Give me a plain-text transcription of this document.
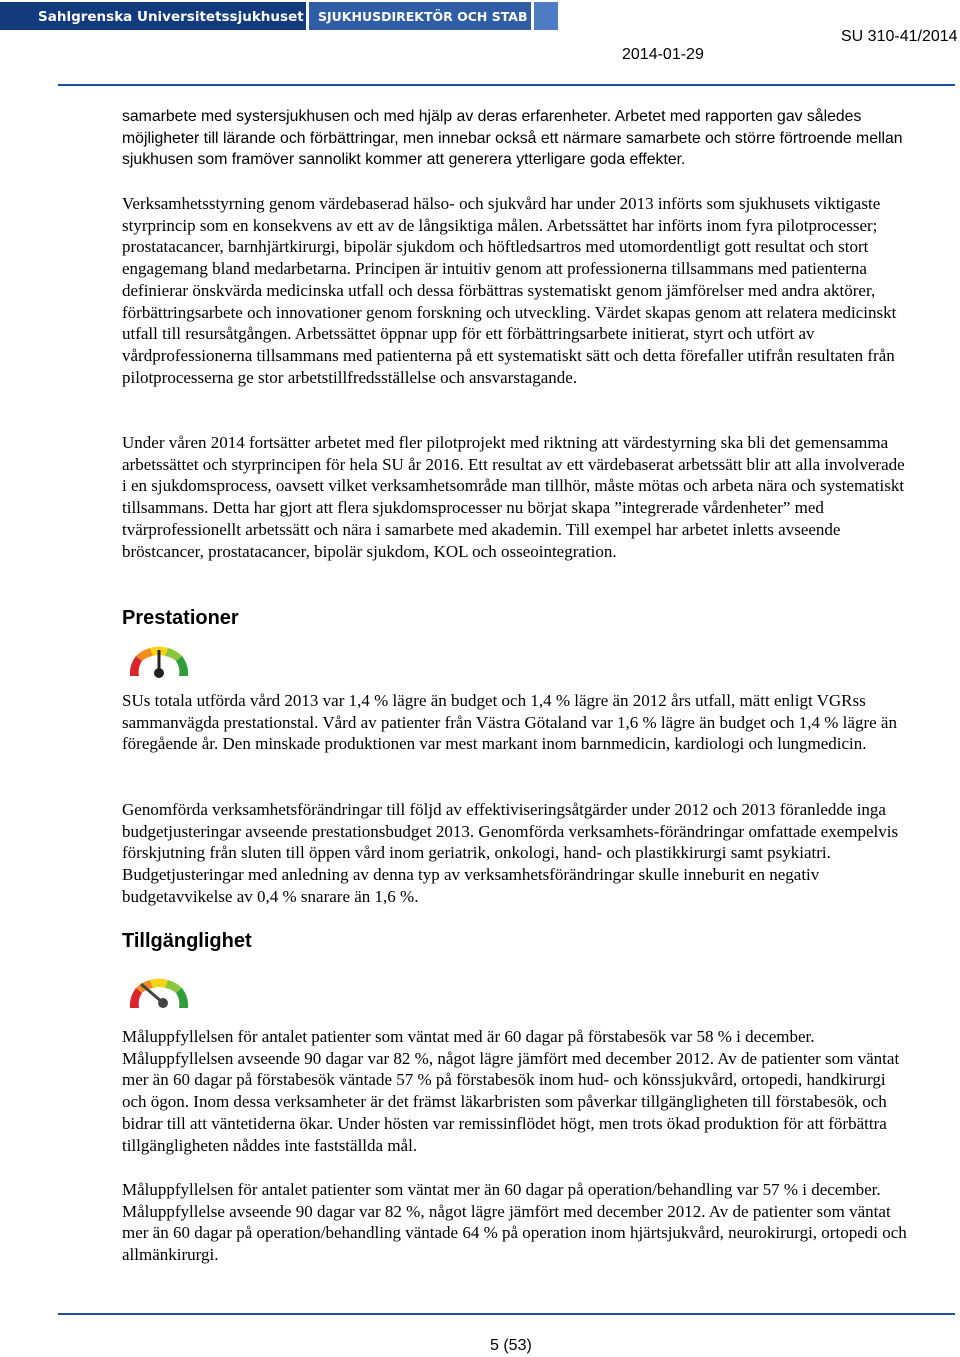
Sahlgrenska Universitetssjukhuset SJUKHUSDIREKTÖR OCH STAB
SU 310-41/2014
2014-01-29

samarbete med systersjukhusen och med hjälp av deras erfarenheter. Arbetet med rapporten gav således möjligheter till lärande och förbättringar, men innebar också ett närmare samarbete och större förtroende mellan sjukhusen som framöver sannolikt kommer att generera ytterligare goda effekter.

Verksamhetsstyrning genom värdebaserad hälso- och sjukvård har under 2013 införts som sjukhusets viktigaste styrprincip som en konsekvens av ett av de långsiktiga målen. Arbetssättet har införts inom fyra pilotprocesser; prostatacancer, barnhjärtkirurgi, bipolär sjukdom och höftledsartros med utomordentligt gott resultat och stort engagemang bland medarbetarna. Principen är intuitiv genom att professionerna tillsammans med patienterna definierar önskvärda medicinska utfall och dessa förbättras systematiskt genom jämförelser med andra aktörer, förbättringsarbete och innovationer genom forskning och utveckling. Värdet skapas genom att relatera medicinskt utfall till resursåtgången. Arbetssättet öppnar upp för ett förbättringsarbete initierat, styrt och utfört av vårdprofessionerna tillsammans med patienterna på ett systematiskt sätt och detta förefaller utifrån resultaten från pilotprocesserna ge stor arbetstillfredsställelse och ansvarstagande.

Under våren 2014 fortsätter arbetet med fler pilotprojekt med riktning att värdestyrning ska bli det gemensamma arbetssättet och styrprincipen för hela SU år 2016. Ett resultat av ett värdebaserat arbetssätt blir att alla involverade i en sjukdomsprocess, oavsett vilket verksamhetsområde man tillhör, måste mötas och arbeta nära och systematiskt tillsammans. Detta har gjort att flera sjukdomsprocesser nu börjat skapa ”integrerade vårdenheter” med tvärprofessionellt arbetssätt och nära i samarbete med akademin. Till exempel har arbetet inletts avseende bröstcancer, prostatacancer, bipolär sjukdom, KOL och osseointegration.

Prestationer

SUs totala utförda vård 2013 var 1,4 % lägre än budget och 1,4 % lägre än 2012 års utfall, mätt enligt VGRss sammanvägda prestationstal. Vård av patienter från Västra Götaland var 1,6 % lägre än budget och 1,4 % lägre än föregående år. Den minskade produktionen var mest markant inom barnmedicin, kardiologi och lungmedicin.

Genomförda verksamhetsförändringar till följd av effektiviseringsåtgärder under 2012 och 2013 föranledde inga budgetjusteringar avseende prestationsbudget 2013. Genomförda verksamhets-förändringar omfattade exempelvis förskjutning från sluten till öppen vård inom geriatrik, onkologi, hand- och plastikkirurgi samt psykiatri. Budgetjusteringar med anledning av denna typ av verksamhetsförändringar skulle inneburit en negativ budgetavvikelse av 0,4 % snarare än 1,6 %.

Tillgänglighet

Måluppfyllelsen för antalet patienter som väntat med är 60 dagar på förstabesök var 58 % i december. Måluppfyllelsen avseende 90 dagar var 82 %, något lägre jämfört med december 2012. Av de patienter som väntat mer än 60 dagar på förstabesök väntade 57 % på förstabesök inom hud- och könssjukvård, ortopedi, handkirurgi och ögon. Inom dessa verksamheter är det främst läkarbristen som påverkar tillgängligheten till förstabesök, och bidrar till att väntetiderna ökar. Under hösten var remissinflödet högt, men trots ökad produktion för att förbättra tillgängligheten nåddes inte fastställda mål.

Måluppfyllelsen för antalet patienter som väntat mer än 60 dagar på operation/behandling var 57 % i december. Måluppfyllelse avseende 90 dagar var 82 %, något lägre jämfört med december 2012. Av de patienter som väntat mer än 60 dagar på operation/behandling väntade 64 % på operation inom hjärtsjukvård, neurokirurgi, ortopedi och allmänkirurgi.

5 (53)
